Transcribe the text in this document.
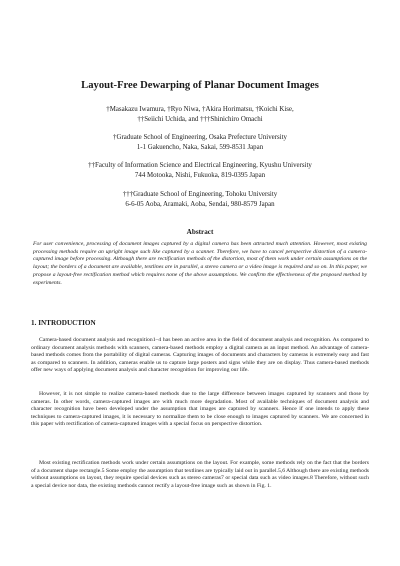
Layout-Free Dewarping of Planar Document Images
†Masakazu Iwamura, †Ryo Niwa, †Akira Horimatsu, †Koichi Kise,
††Seiichi Uchida, and †††Shinichiro Omachi
†Graduate School of Engineering, Osaka Prefecture University
1-1 Gakuencho, Naka, Sakai, 599-8531 Japan
††Faculty of Information Science and Electrical Engineering, Kyushu University
744 Motooka, Nishi, Fukuoka, 819-0395 Japan
†††Graduate School of Engineering, Tohoku University
6-6-05 Aoba, Aramaki, Aoba, Sendai, 980-8579 Japan
Abstract

For user convenience, processing of document images captured by a digital camera has been attracted much attention. However, most existing processing methods require an upright image such like captured by a scanner. Therefore, we have to cancel perspective distortion of a camera-captured image before processing. Although there are rectification methods of the distortion, most of them work under certain assumptions on the layout; the borders of a document are available, textlines are in parallel, a stereo camera or a video image is required and so on. In this paper, we propose a layout-free rectification method which requires none of the above assumptions. We confirm the effectiveness of the proposed method by experiments.

1. INTRODUCTION

Camera-based document analysis and recognition1–4 has been an active area in the field of document analysis and recognition. As compared to ordinary document analysis methods with scanners, camera-based methods employ a digital camera as an input method. An advantage of camera-based methods comes from the portability of digital cameras. Capturing images of documents and characters by cameras is extremely easy and fast as compared to scanners. In addition, cameras enable us to capture large posters and signs while they are on display. Thus camera-based methods offer new ways of applying document analysis and character recognition for improving our life.

However, it is not simple to realize camera-based methods due to the large difference between images captured by scanners and those by cameras. In other words, camera-captured images are with much more degradation. Most of available techniques of document analysis and character recognition have been developed under the assumption that images are captured by scanners. Hence if one intends to apply these techniques to camera-captured images, it is necessary to normalize them to be close enough to images captured by scanners. We are concerned in this paper with rectification of camera-captured images with a special focus on perspective distortion.

Most existing rectification methods work under certain assumptions on the layout. For example, some methods rely on the fact that the borders of a document shape rectangle.5 Some employ the assumption that textlines are typically laid out in parallel.5,6 Although there are existing methods without assumptions on layout, they require special devices such as stereo cameras7 or special data such as video images.8 Therefore, without such a special device nor data, the existing methods cannot rectify a layout-free image such as shown in Fig. 1.
